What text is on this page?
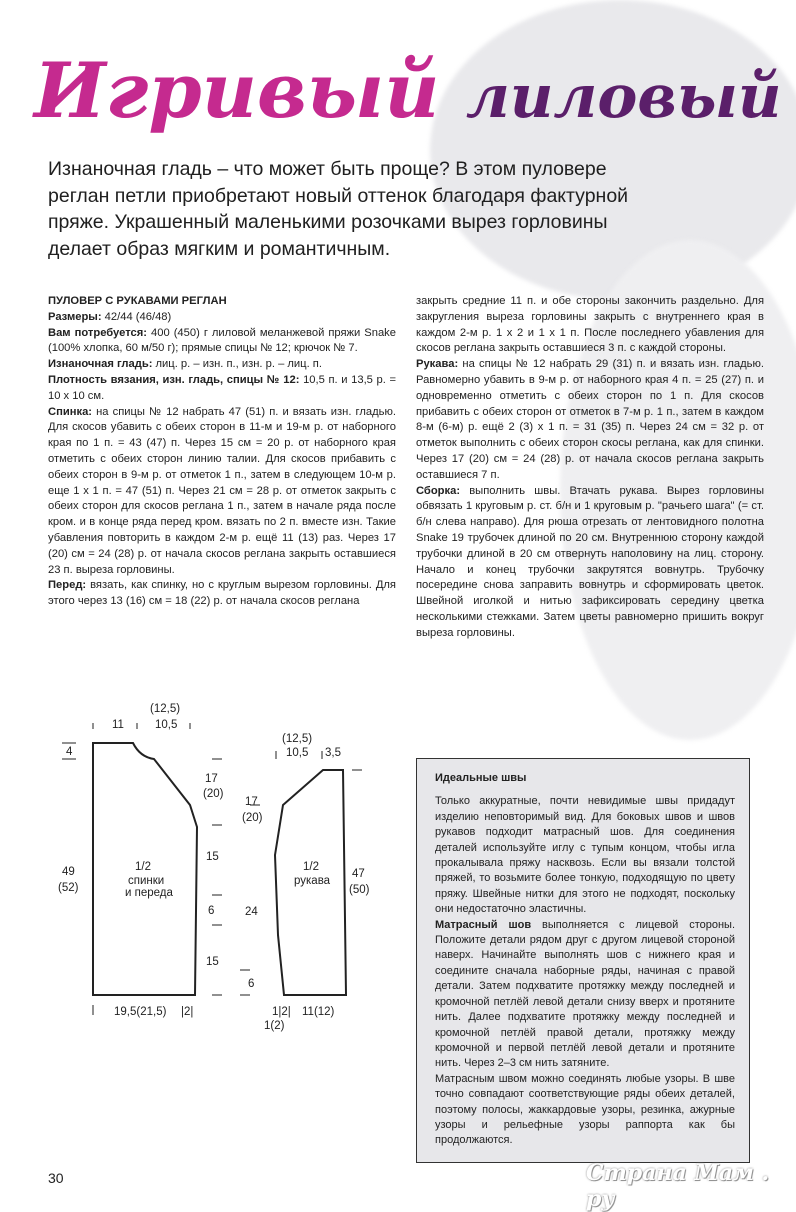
Игривый лиловый
Изнаночная гладь – что может быть проще? В этом пуловере реглан петли приобретают новый оттенок благодаря фактурной пряже. Украшенный маленькими розочками вырез горловины делает образ мягким и романтичным.

ПУЛОВЕР С РУКАВАМИ РЕГЛАН

Размеры: 42/44 (46/48)

Вам потребуется: 400 (450) г лиловой меланжевой пряжи Snake (100% хлопка, 60 м/50 г); прямые спицы № 12; крючок № 7.

Изнаночная гладь: лиц. р. – изн. п., изн. р. – лиц. п.

Плотность вязания, изн. гладь, спицы № 12: 10,5 п. и 13,5 р. = 10 х 10 см.

Спинка: на спицы № 12 набрать 47 (51) п. и вязать изн. гладью. Для скосов убавить с обеих сторон в 11-м и 19-м р. от наборного края по 1 п. = 43 (47) п. Через 15 см = 20 р. от наборного края отметить с обеих сторон линию талии. Для скосов прибавить с обеих сторон в 9-м р. от отметок 1 п., затем в следующем 10-м р. еще 1 х 1 п. = 47 (51) п. Через 21 см = 28 р. от отметок закрыть с обеих сторон для скосов реглана 1 п., затем в начале ряда после кром. и в конце ряда перед кром. вязать по 2 п. вместе изн. Такие убавления повторить в каждом 2-м р. ещё 11 (13) раз. Через 17 (20) см = 24 (28) р. от начала скосов реглана закрыть оставшиеся 23 п. выреза горловины.

Перед: вязать, как спинку, но с круглым вырезом горловины. Для этого через 13 (16) см = 18 (22) р. от начала скосов реглана

закрыть средние 11 п. и обе стороны закончить раздельно. Для закругления выреза горловины закрыть с внутреннего края в каждом 2-м р. 1 х 2 и 1 х 1 п. После последнего убавления для скосов реглана закрыть оставшиеся 3 п. с каждой стороны.

Рукава: на спицы № 12 набрать 29 (31) п. и вязать изн. гладью. Равномерно убавить в 9-м р. от наборного края 4 п. = 25 (27) п. и одновременно отметить с обеих сторон по 1 п. Для скосов прибавить с обеих сторон от отметок в 7-м р. 1 п., затем в каждом 8-м (6-м) р. ещё 2 (3) х 1 п. = 31 (35) п. Через 24 см = 32 р. от отметок выполнить с обеих сторон скосы реглана, как для спинки. Через 17 (20) см = 24 (28) р. от начала скосов реглана закрыть оставшиеся 7 п.

Сборка: выполнить швы. Втачать рукава. Вырез горловины обвязать 1 круговым р. ст. б/н и 1 круговым р. "рачьего шага" (= ст. б/н слева направо). Для рюша отрезать от лентовидного полотна Snake 19 трубочек длиной по 20 см. Внутреннюю сторону каждой трубочки длиной в 20 см отвернуть наполовину на лиц. сторону. Начало и конец трубочки закрутятся вовнутрь. Трубочку посередине снова заправить вовнутрь и сформировать цветок. Швейной иголкой и нитью зафиксировать середину цветка несколькими стежками. Затем цветы равномерно пришить вокруг выреза горловины.

(12,5)
11	10,5
4
17
(20)
15
6
15
49
(52)
1/2
спинки
и переда
19,5(21,5) |2|
(12,5)
10,5 3,5
17
(20)
24
6
47
(50)
1/2
рукава
1|2| 11(12)
1(2)

Идеальные швы

Только аккуратные, почти невидимые швы придадут изделию неповторимый вид. Для боковых швов и швов рукавов подходит матрасный шов. Для соединения деталей используйте иглу с тупым концом, чтобы игла прокалывала пряжу насквозь. Если вы вязали толстой пряжей, то возьмите более тонкую, подходящую по цвету пряжу. Швейные нитки для этого не подходят, поскольку они недостаточно эластичны.

Матрасный шов выполняется с лицевой стороны. Положите детали рядом друг с другом лицевой стороной наверх. Начинайте выполнять шов с нижнего края и соедините сначала наборные ряды, начиная с правой детали. Затем подхватите протяжку между последней и кромочной петлёй левой детали снизу вверх и протяните нить. Далее подхватите протяжку между последней и кромочной петлёй правой детали, протяжку между кромочной и первой петлёй левой детали и протяните нить. Через 2–3 см нить затяните.

Матрасным швом можно соединять любые узоры. В шве точно совпадают соответствующие ряды обеих деталей, поэтому полосы, жаккардовые узоры, резинка, ажурные узоры и рельефные узоры раппорта как бы продолжаются.

30	Страна Мам . ру
